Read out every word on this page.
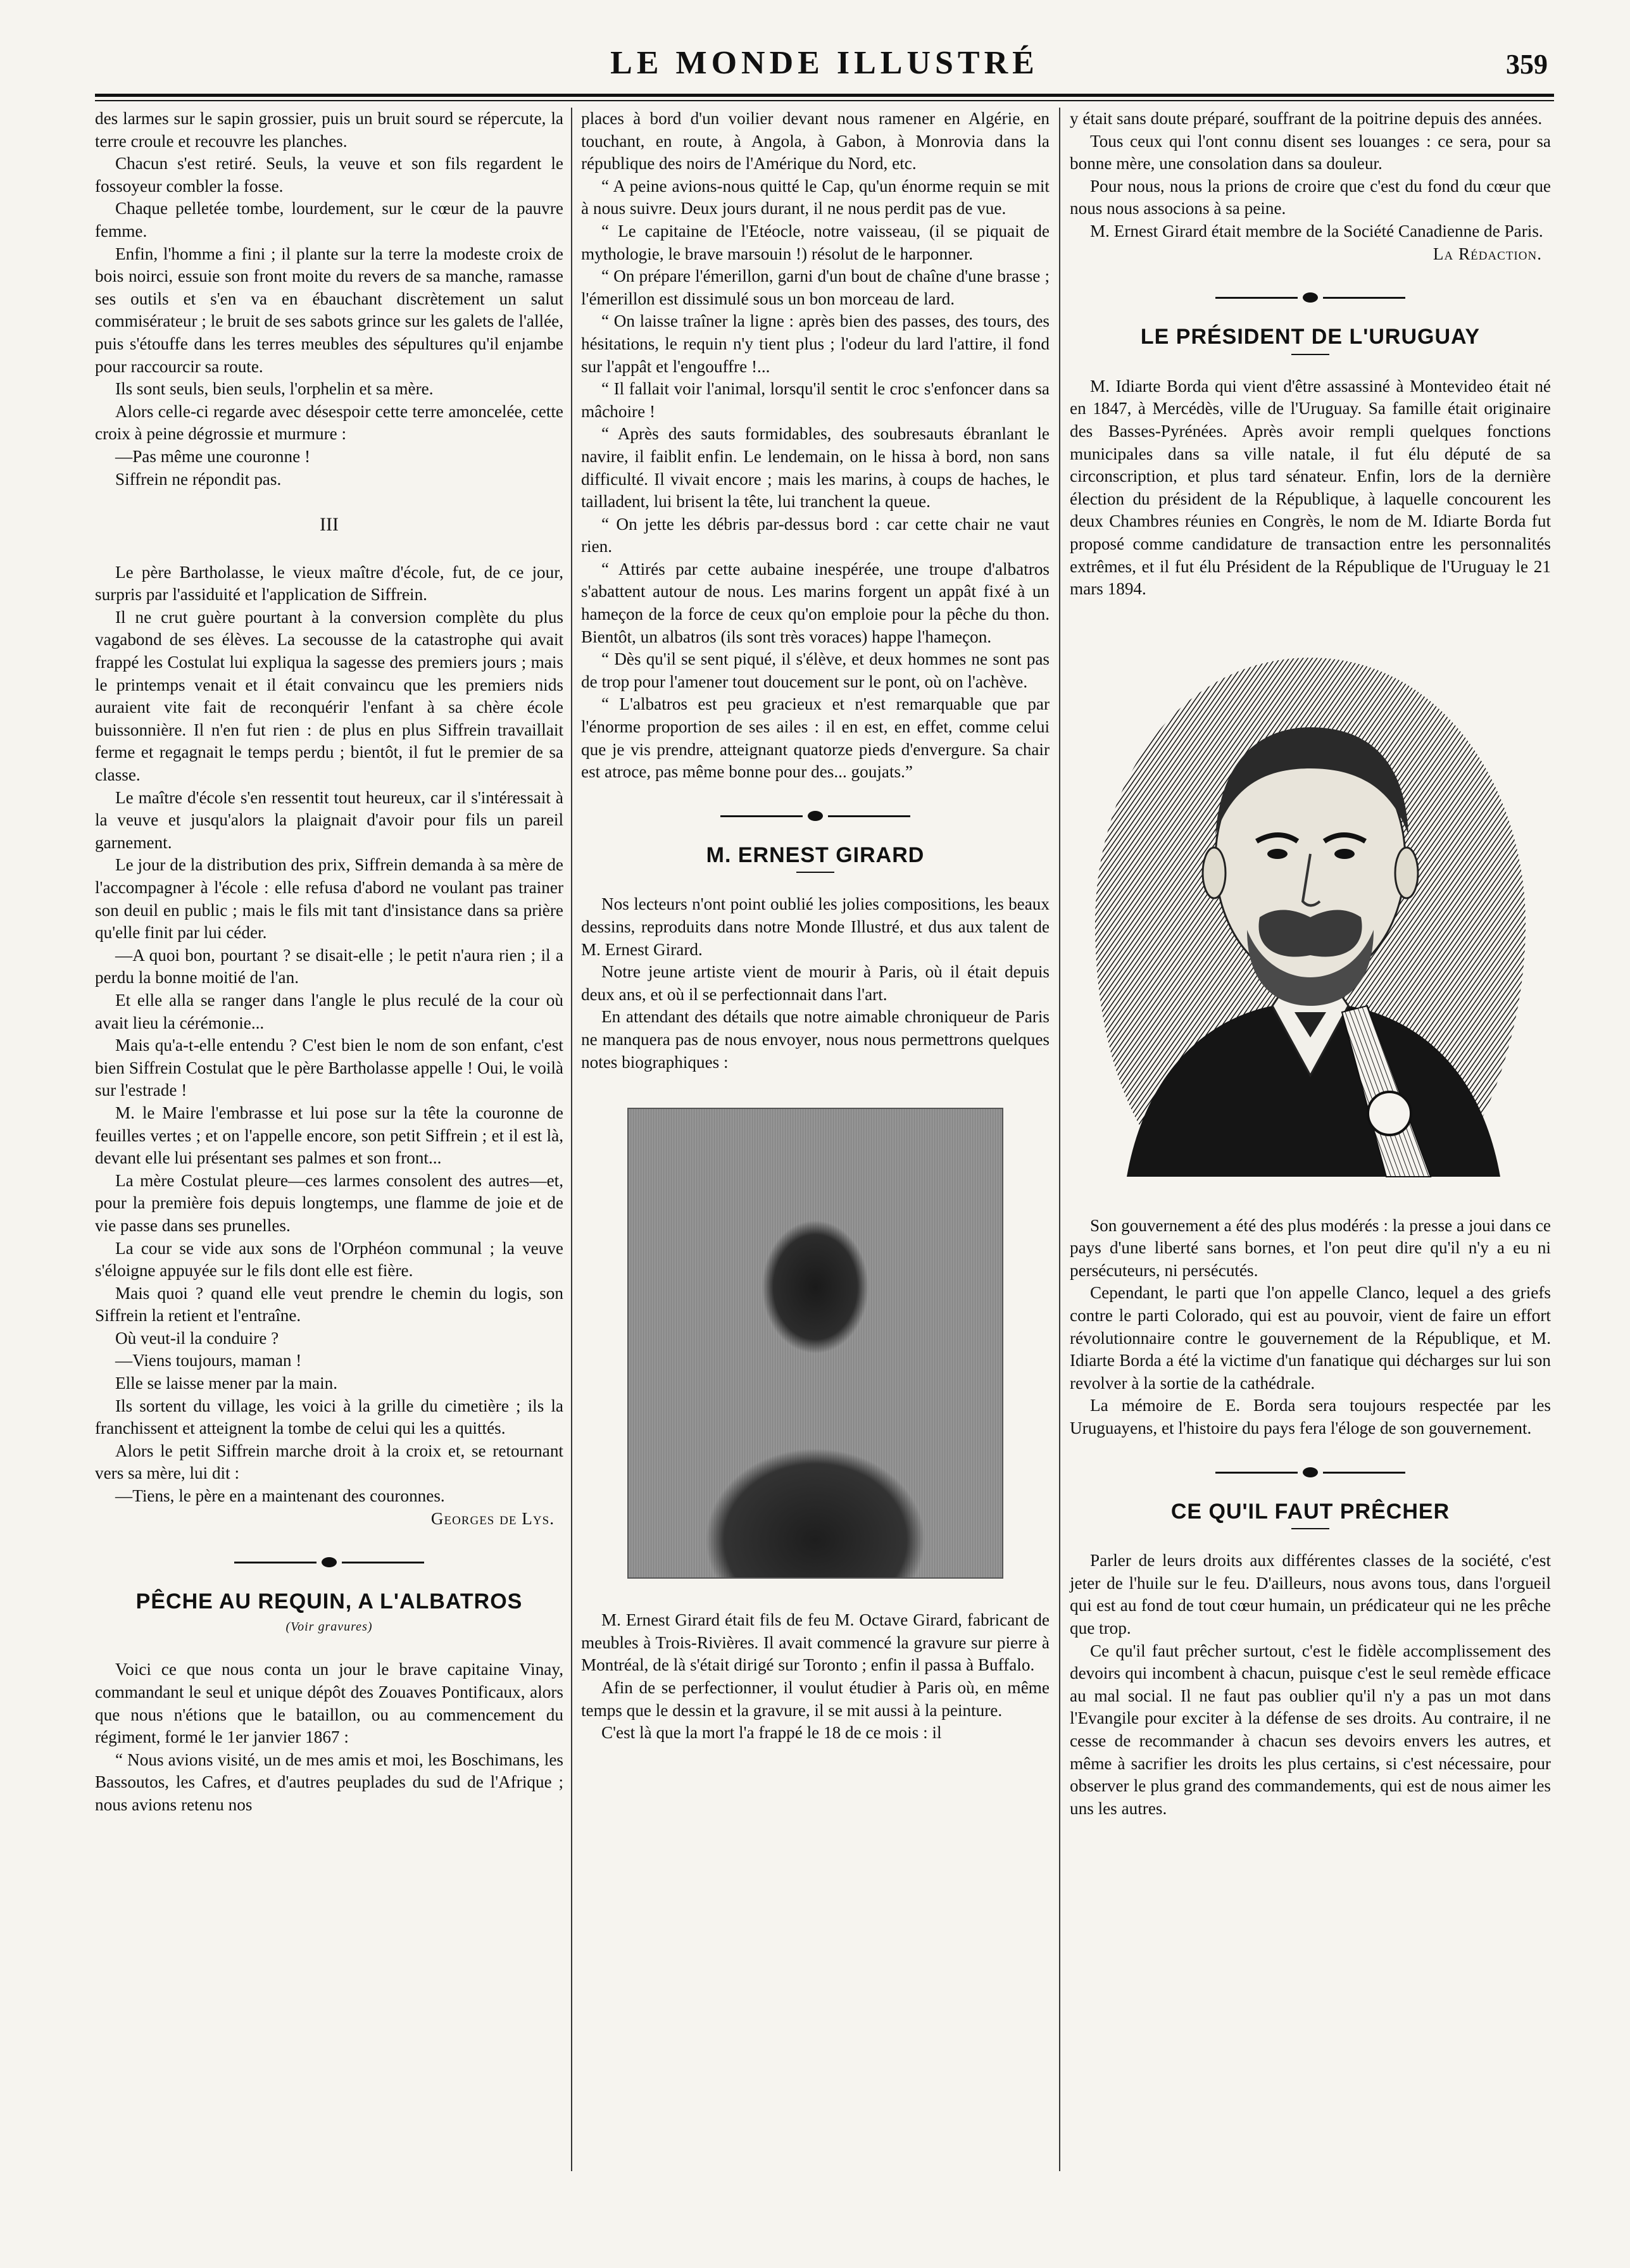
LE MONDE ILLUSTRÉ	359

des larmes sur le sapin grossier, puis un bruit sourd se répercute, la terre croule et recouvre les planches.

Chacun s'est retiré. Seuls, la veuve et son fils regardent le fossoyeur combler la fosse.

Chaque pelletée tombe, lourdement, sur le cœur de la pauvre femme.

Enfin, l'homme a fini ; il plante sur la terre la modeste croix de bois noirci, essuie son front moite du revers de sa manche, ramasse ses outils et s'en va en ébauchant discrètement un salut commisérateur ; le bruit de ses sabots grince sur les galets de l'allée, puis s'étouffe dans les terres meubles des sépultures qu'il enjambe pour raccourcir sa route.

Ils sont seuls, bien seuls, l'orphelin et sa mère.

Alors celle-ci regarde avec désespoir cette terre amoncelée, cette croix à peine dégrossie et murmure :

—Pas même une couronne !

Siffrein ne répondit pas.

III

Le père Bartholasse, le vieux maître d'école, fut, de ce jour, surpris par l'assiduité et l'application de Siffrein.

Il ne crut guère pourtant à la conversion complète du plus vagabond de ses élèves. La secousse de la catastrophe qui avait frappé les Costulat lui expliqua la sagesse des premiers jours ; mais le printemps venait et il était convaincu que les premiers nids auraient vite fait de reconquérir l'enfant à sa chère école buissonnière. Il n'en fut rien : de plus en plus Siffrein travaillait ferme et regagnait le temps perdu ; bientôt, il fut le premier de sa classe.

Le maître d'école s'en ressentit tout heureux, car il s'intéressait à la veuve et jusqu'alors la plaignait d'avoir pour fils un pareil garnement.

Le jour de la distribution des prix, Siffrein demanda à sa mère de l'accompagner à l'école : elle refusa d'abord ne voulant pas trainer son deuil en public ; mais le fils mit tant d'insistance dans sa prière qu'elle finit par lui céder.

—A quoi bon, pourtant ? se disait-elle ; le petit n'aura rien ; il a perdu la bonne moitié de l'an.

Et elle alla se ranger dans l'angle le plus reculé de la cour où avait lieu la cérémonie...

Mais qu'a-t-elle entendu ? C'est bien le nom de son enfant, c'est bien Siffrein Costulat que le père Bartholasse appelle ! Oui, le voilà sur l'estrade !

M. le Maire l'embrasse et lui pose sur la tête la couronne de feuilles vertes ; et on l'appelle encore, son petit Siffrein ; et il est là, devant elle lui présentant ses palmes et son front...

La mère Costulat pleure—ces larmes consolent des autres—et, pour la première fois depuis longtemps, une flamme de joie et de vie passe dans ses prunelles.

La cour se vide aux sons de l'Orphéon communal ; la veuve s'éloigne appuyée sur le fils dont elle est fière.

Mais quoi ? quand elle veut prendre le chemin du logis, son Siffrein la retient et l'entraîne.

Où veut-il la conduire ?

—Viens toujours, maman !

Elle se laisse mener par la main.

Ils sortent du village, les voici à la grille du cimetière ; ils la franchissent et atteignent la tombe de celui qui les a quittés.

Alors le petit Siffrein marche droit à la croix et, se retournant vers sa mère, lui dit :

—Tiens, le père en a maintenant des couronnes.

Georges de Lys.
PÊCHE AU REQUIN, A L'ALBATROS
(Voir gravures)

Voici ce que nous conta un jour le brave capitaine Vinay, commandant le seul et unique dépôt des Zouaves Pontificaux, alors que nous n'étions que le bataillon, ou au commencement du régiment, formé le 1er janvier 1867 :

“ Nous avions visité, un de mes amis et moi, les Boschimans, les Bassoutos, les Cafres, et d'autres peuplades du sud de l'Afrique ; nous avions retenu nos

places à bord d'un voilier devant nous ramener en Algérie, en touchant, en route, à Angola, à Gabon, à Monrovia dans la république des noirs de l'Amérique du Nord, etc.

“ A peine avions-nous quitté le Cap, qu'un énorme requin se mit à nous suivre. Deux jours durant, il ne nous perdit pas de vue.

“ Le capitaine de l'Etéocle, notre vaisseau, (il se piquait de mythologie, le brave marsouin !) résolut de le harponner.

“ On prépare l'émerillon, garni d'un bout de chaîne d'une brasse ; l'émerillon est dissimulé sous un bon morceau de lard.

“ On laisse traîner la ligne : après bien des passes, des tours, des hésitations, le requin n'y tient plus ; l'odeur du lard l'attire, il fond sur l'appât et l'engouffre !...

“ Il fallait voir l'animal, lorsqu'il sentit le croc s'enfoncer dans sa mâchoire !

“ Après des sauts formidables, des soubresauts ébranlant le navire, il faiblit enfin. Le lendemain, on le hissa à bord, non sans difficulté. Il vivait encore ; mais les marins, à coups de haches, le tailladent, lui brisent la tête, lui tranchent la queue.

“ On jette les débris par-dessus bord : car cette chair ne vaut rien.

“ Attirés par cette aubaine inespérée, une troupe d'albatros s'abattent autour de nous. Les marins forgent un appât fixé à un hameçon de la force de ceux qu'on emploie pour la pêche du thon. Bientôt, un albatros (ils sont très voraces) happe l'hameçon.

“ Dès qu'il se sent piqué, il s'élève, et deux hommes ne sont pas de trop pour l'amener tout doucement sur le pont, où on l'achève.

“ L'albatros est peu gracieux et n'est remarquable que par l'énorme proportion de ses ailes : il en est, en effet, comme celui que je vis prendre, atteignant quatorze pieds d'envergure. Sa chair est atroce, pas même bonne pour des... goujats.”

M. ERNEST GIRARD

Nos lecteurs n'ont point oublié les jolies compositions, les beaux dessins, reproduits dans notre Monde Illustré, et dus aux talent de M. Ernest Girard.

Notre jeune artiste vient de mourir à Paris, où il était depuis deux ans, et où il se perfectionnait dans l'art.

En attendant des détails que notre aimable chroniqueur de Paris ne manquera pas de nous envoyer, nous nous permettrons quelques notes biographiques :

M. Ernest Girard était fils de feu M. Octave Girard, fabricant de meubles à Trois-Rivières. Il avait commencé la gravure sur pierre à Montréal, de là s'était dirigé sur Toronto ; enfin il passa à Buffalo.

Afin de se perfectionner, il voulut étudier à Paris où, en même temps que le dessin et la gravure, il se mit aussi à la peinture.

C'est là que la mort l'a frappé le 18 de ce mois : il

y était sans doute préparé, souffrant de la poitrine depuis des années.

Tous ceux qui l'ont connu disent ses louanges : ce sera, pour sa bonne mère, une consolation dans sa douleur.

Pour nous, nous la prions de croire que c'est du fond du cœur que nous nous associons à sa peine.

M. Ernest Girard était membre de la Société Canadienne de Paris.

La Rédaction.
LE PRÉSIDENT DE L'URUGUAY

M. Idiarte Borda qui vient d'être assassiné à Montevideo était né en 1847, à Mercédès, ville de l'Uruguay. Sa famille était originaire des Basses-Pyrénées. Après avoir rempli quelques fonctions municipales dans sa ville natale, il fut élu député de sa circonscription, et plus tard sénateur. Enfin, lors de la dernière élection du président de la République, à laquelle concourent les deux Chambres réunies en Congrès, le nom de M. Idiarte Borda fut proposé comme candidature de transaction entre les personnalités extrêmes, et il fut élu Président de la République de l'Uruguay le 21 mars 1894.

Son gouvernement a été des plus modérés : la presse a joui dans ce pays d'une liberté sans bornes, et l'on peut dire qu'il n'y a eu ni persécuteurs, ni persécutés.

Cependant, le parti que l'on appelle Clanco, lequel a des griefs contre le parti Colorado, qui est au pouvoir, vient de faire un effort révolutionnaire contre le gouvernement de la République, et M. Idiarte Borda a été la victime d'un fanatique qui décharges sur lui son revolver à la sortie de la cathédrale.

La mémoire de E. Borda sera toujours respectée par les Uruguayens, et l'histoire du pays fera l'éloge de son gouvernement.

CE QU'IL FAUT PRÊCHER

Parler de leurs droits aux différentes classes de la société, c'est jeter de l'huile sur le feu. D'ailleurs, nous avons tous, dans l'orgueil qui est au fond de tout cœur humain, un prédicateur qui ne les prêche que trop.

Ce qu'il faut prêcher surtout, c'est le fidèle accomplissement des devoirs qui incombent à chacun, puisque c'est le seul remède efficace au mal social. Il ne faut pas oublier qu'il n'y a pas un mot dans l'Evangile pour exciter à la défense de ses droits. Au contraire, il ne cesse de recommander à chacun ses devoirs envers les autres, et même à sacrifier les droits les plus certains, si c'est nécessaire, pour observer le plus grand des commandements, qui est de nous aimer les uns les autres.
